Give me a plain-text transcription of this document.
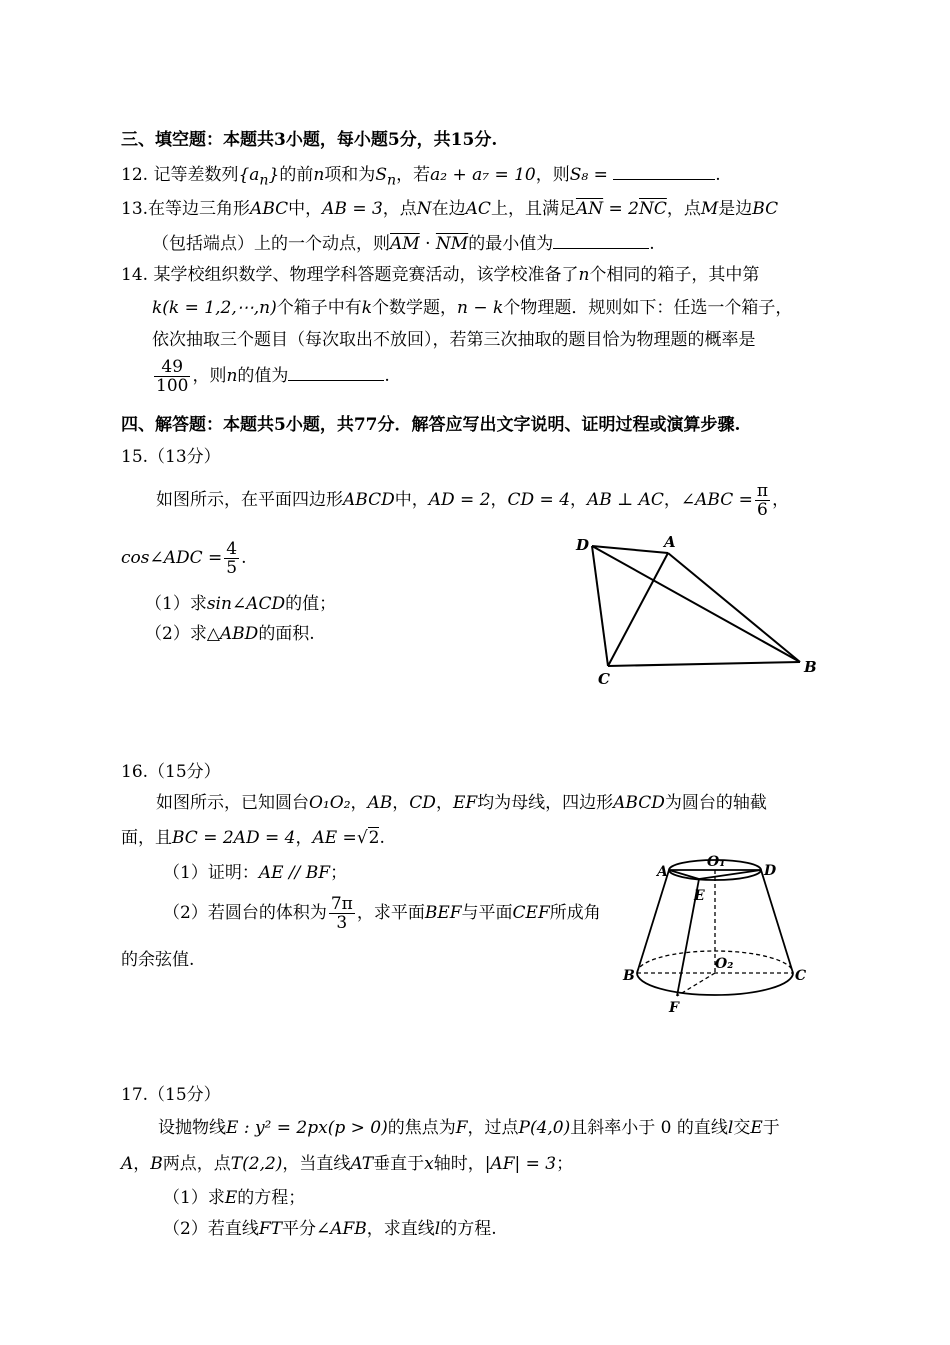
三、填空题：本题共3小题，每小题5分，共15分.
12. 记等差数列$\{a_n\}$的前n项和为$S_n$，若a₂ + a₇ = 10，则S₈ =	.
13.在等边三角形ABC中，AB = 3，点N在边AC上，且满足$\overline{AN} = 2\overline{NC}$，点M是边BC
（包括端点）上的一个动点，则$\overline{AM} \cdot \overline{NM}$的最小值为	.
14. 某学校组织数学、物理学科答题竞赛活动，该学校准备了n个相同的箱子，其中第
k(k = 1,2,⋯,n)个箱子中有k个数学题，n − k个物理题．规则如下：任选一个箱子，
依次抽取三个题目（每次取出不放回），若第三次抽取的题目恰为物理题的概率是
$\frac{49}{100}$ ，则n的值为	.
四、解答题：本题共5小题，共77分．解答应写出文字说明、证明过程或演算步骤.
15.（13分）
如图所示，在平面四边形ABCD中，AD = 2，CD = 4，AB ⊥ AC，∠ABC = $\frac{\pi}{6}$ ，
cos∠ADC = $\frac{4}{5}$ .
（1）求sin∠ACD的值；
（2）求△ABD的面积.
D	A
C
B
16.（15分）
如图所示，已知圆台O₁O₂，AB，CD，EF均为母线，四边形ABCD为圆台的轴截
面，且BC = 2AD = 4，AE =√2.
（1）证明：AE // BF；
（2）若圆台的体积为 $\frac{7\pi}{3}$ ，求平面BEF与平面CEF所成角
的余弦值.
A	D
O₁
E
O₂
B	C
F
17.（15分）
设抛物线E : y² = 2px(p > 0)的焦点为F，过点P(4,0)且斜率小于 0 的直线l交E于
A，B两点，点T(2,2)，当直线AT垂直于x轴时，|AF| = 3；
（1）求E的方程；
（2）若直线FT平分∠AFB，求直线l的方程.
